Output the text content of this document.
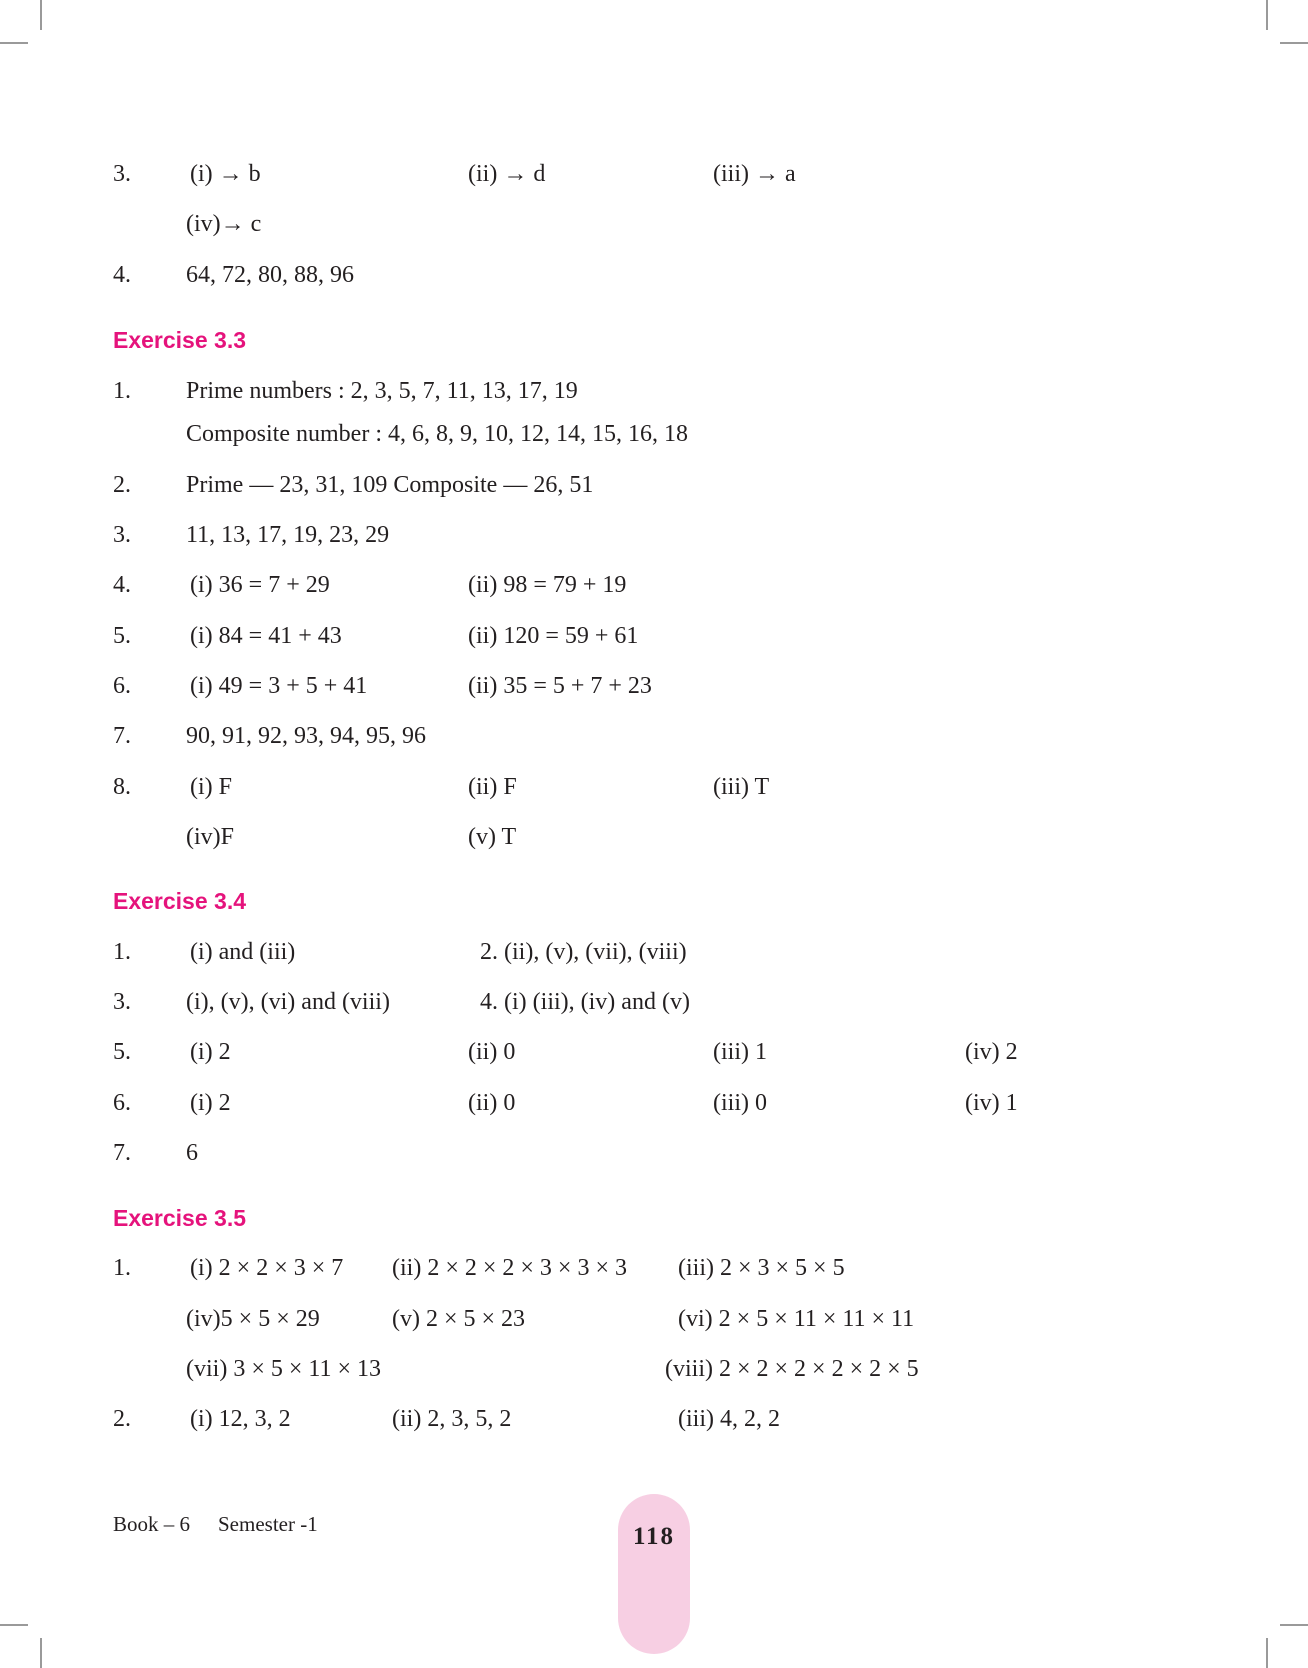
3. (i) → b	(ii) → d	(iii) → a
(iv)→ c
4. 64, 72, 80, 88, 96
Exercise 3.3
1. Prime numbers : 2, 3, 5, 7, 11, 13, 17, 19
Composite number : 4, 6, 8, 9, 10, 12, 14, 15, 16, 18
2. Prime — 23, 31, 109 Composite — 26, 51
3. 11, 13, 17, 19, 23, 29
4. (i) 36 = 7 + 29	(ii) 98 = 79 + 19
5. (i) 84 = 41 + 43	(ii) 120 = 59 + 61
6. (i) 49 = 3 + 5 + 41	(ii) 35 = 5 + 7 + 23
7. 90, 91, 92, 93, 94, 95, 96
8. (i) F	(ii) F	(iii) T
(iv)F	(v) T
Exercise 3.4
1. (i) and (iii)	2. (ii), (v), (vii), (viii)
3. (i), (v), (vi) and (viii)	4. (i) (iii), (iv) and (v)
5. (i) 2	(ii) 0	(iii) 1	(iv) 2
6. (i) 2	(ii) 0	(iii) 0	(iv) 1
7. 6
Exercise 3.5
1. (i) 2 × 2 × 3 × 7 (ii) 2 × 2 × 2 × 3 × 3 × 3 (iii) 2 × 3 × 5 × 5
(iv)5 × 5 × 29	(v) 2 × 5 × 23	(vi) 2 × 5 × 11 × 11 × 11
(vii) 3 × 5 × 11 × 13	(viii) 2 × 2 × 2 × 2 × 2 × 5
2. (i) 12, 3, 2	(ii) 2, 3, 5, 2	(iii) 4, 2, 2
Book – 6 Semester -1	118
